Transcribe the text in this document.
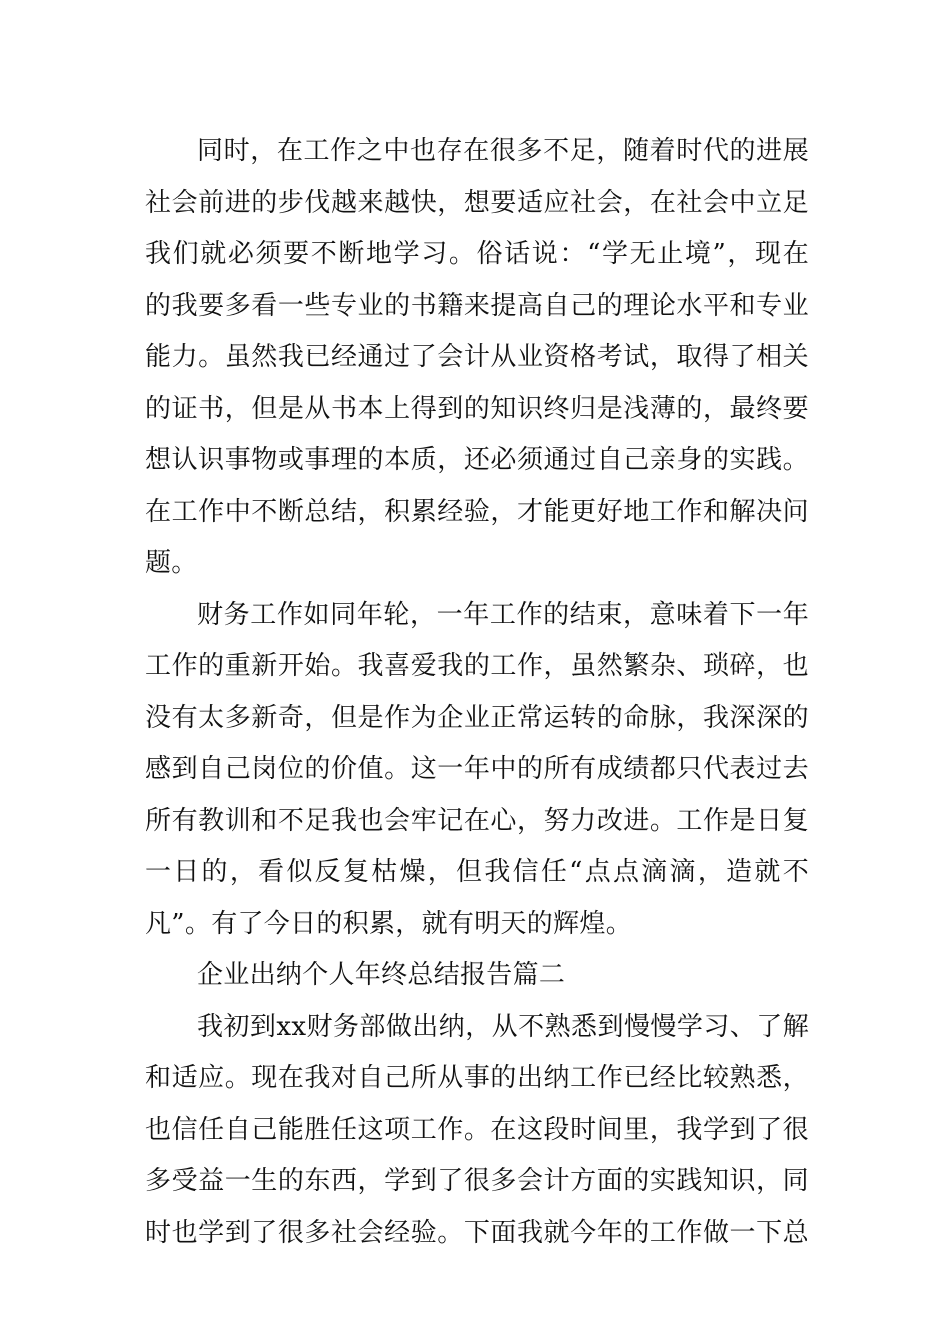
同时，在工作之中也存在很多不足，随着时代的进展
社会前进的步伐越来越快，想要适应社会，在社会中立足
我们就必须要不断地学习。俗话说：“学无止境”，现在
的我要多看一些专业的书籍来提高自己的理论水平和专业
能力。虽然我已经通过了会计从业资格考试，取得了相关
的证书，但是从书本上得到的知识终归是浅薄的，最终要
想认识事物或事理的本质，还必须通过自己亲身的实践。
在工作中不断总结，积累经验，才能更好地工作和解决问
题。

财务工作如同年轮，一年工作的结束，意味着下一年
工作的重新开始。我喜爱我的工作，虽然繁杂、琐碎，也
没有太多新奇，但是作为企业正常运转的命脉，我深深的
感到自己岗位的价值。这一年中的所有成绩都只代表过去
所有教训和不足我也会牢记在心，努力改进。工作是日复
一日的，看似反复枯燥，但我信任“点点滴滴，造就不
凡”。有了今日的积累，就有明天的辉煌。

企业出纳个人年终总结报告篇二

我初到xx财务部做出纳，从不熟悉到慢慢学习、了解
和适应。现在我对自己所从事的出纳工作已经比较熟悉，
也信任自己能胜任这项工作。在这段时间里，我学到了很
多受益一生的东西，学到了很多会计方面的实践知识，同
时也学到了很多社会经验。下面我就今年的工作做一下总
